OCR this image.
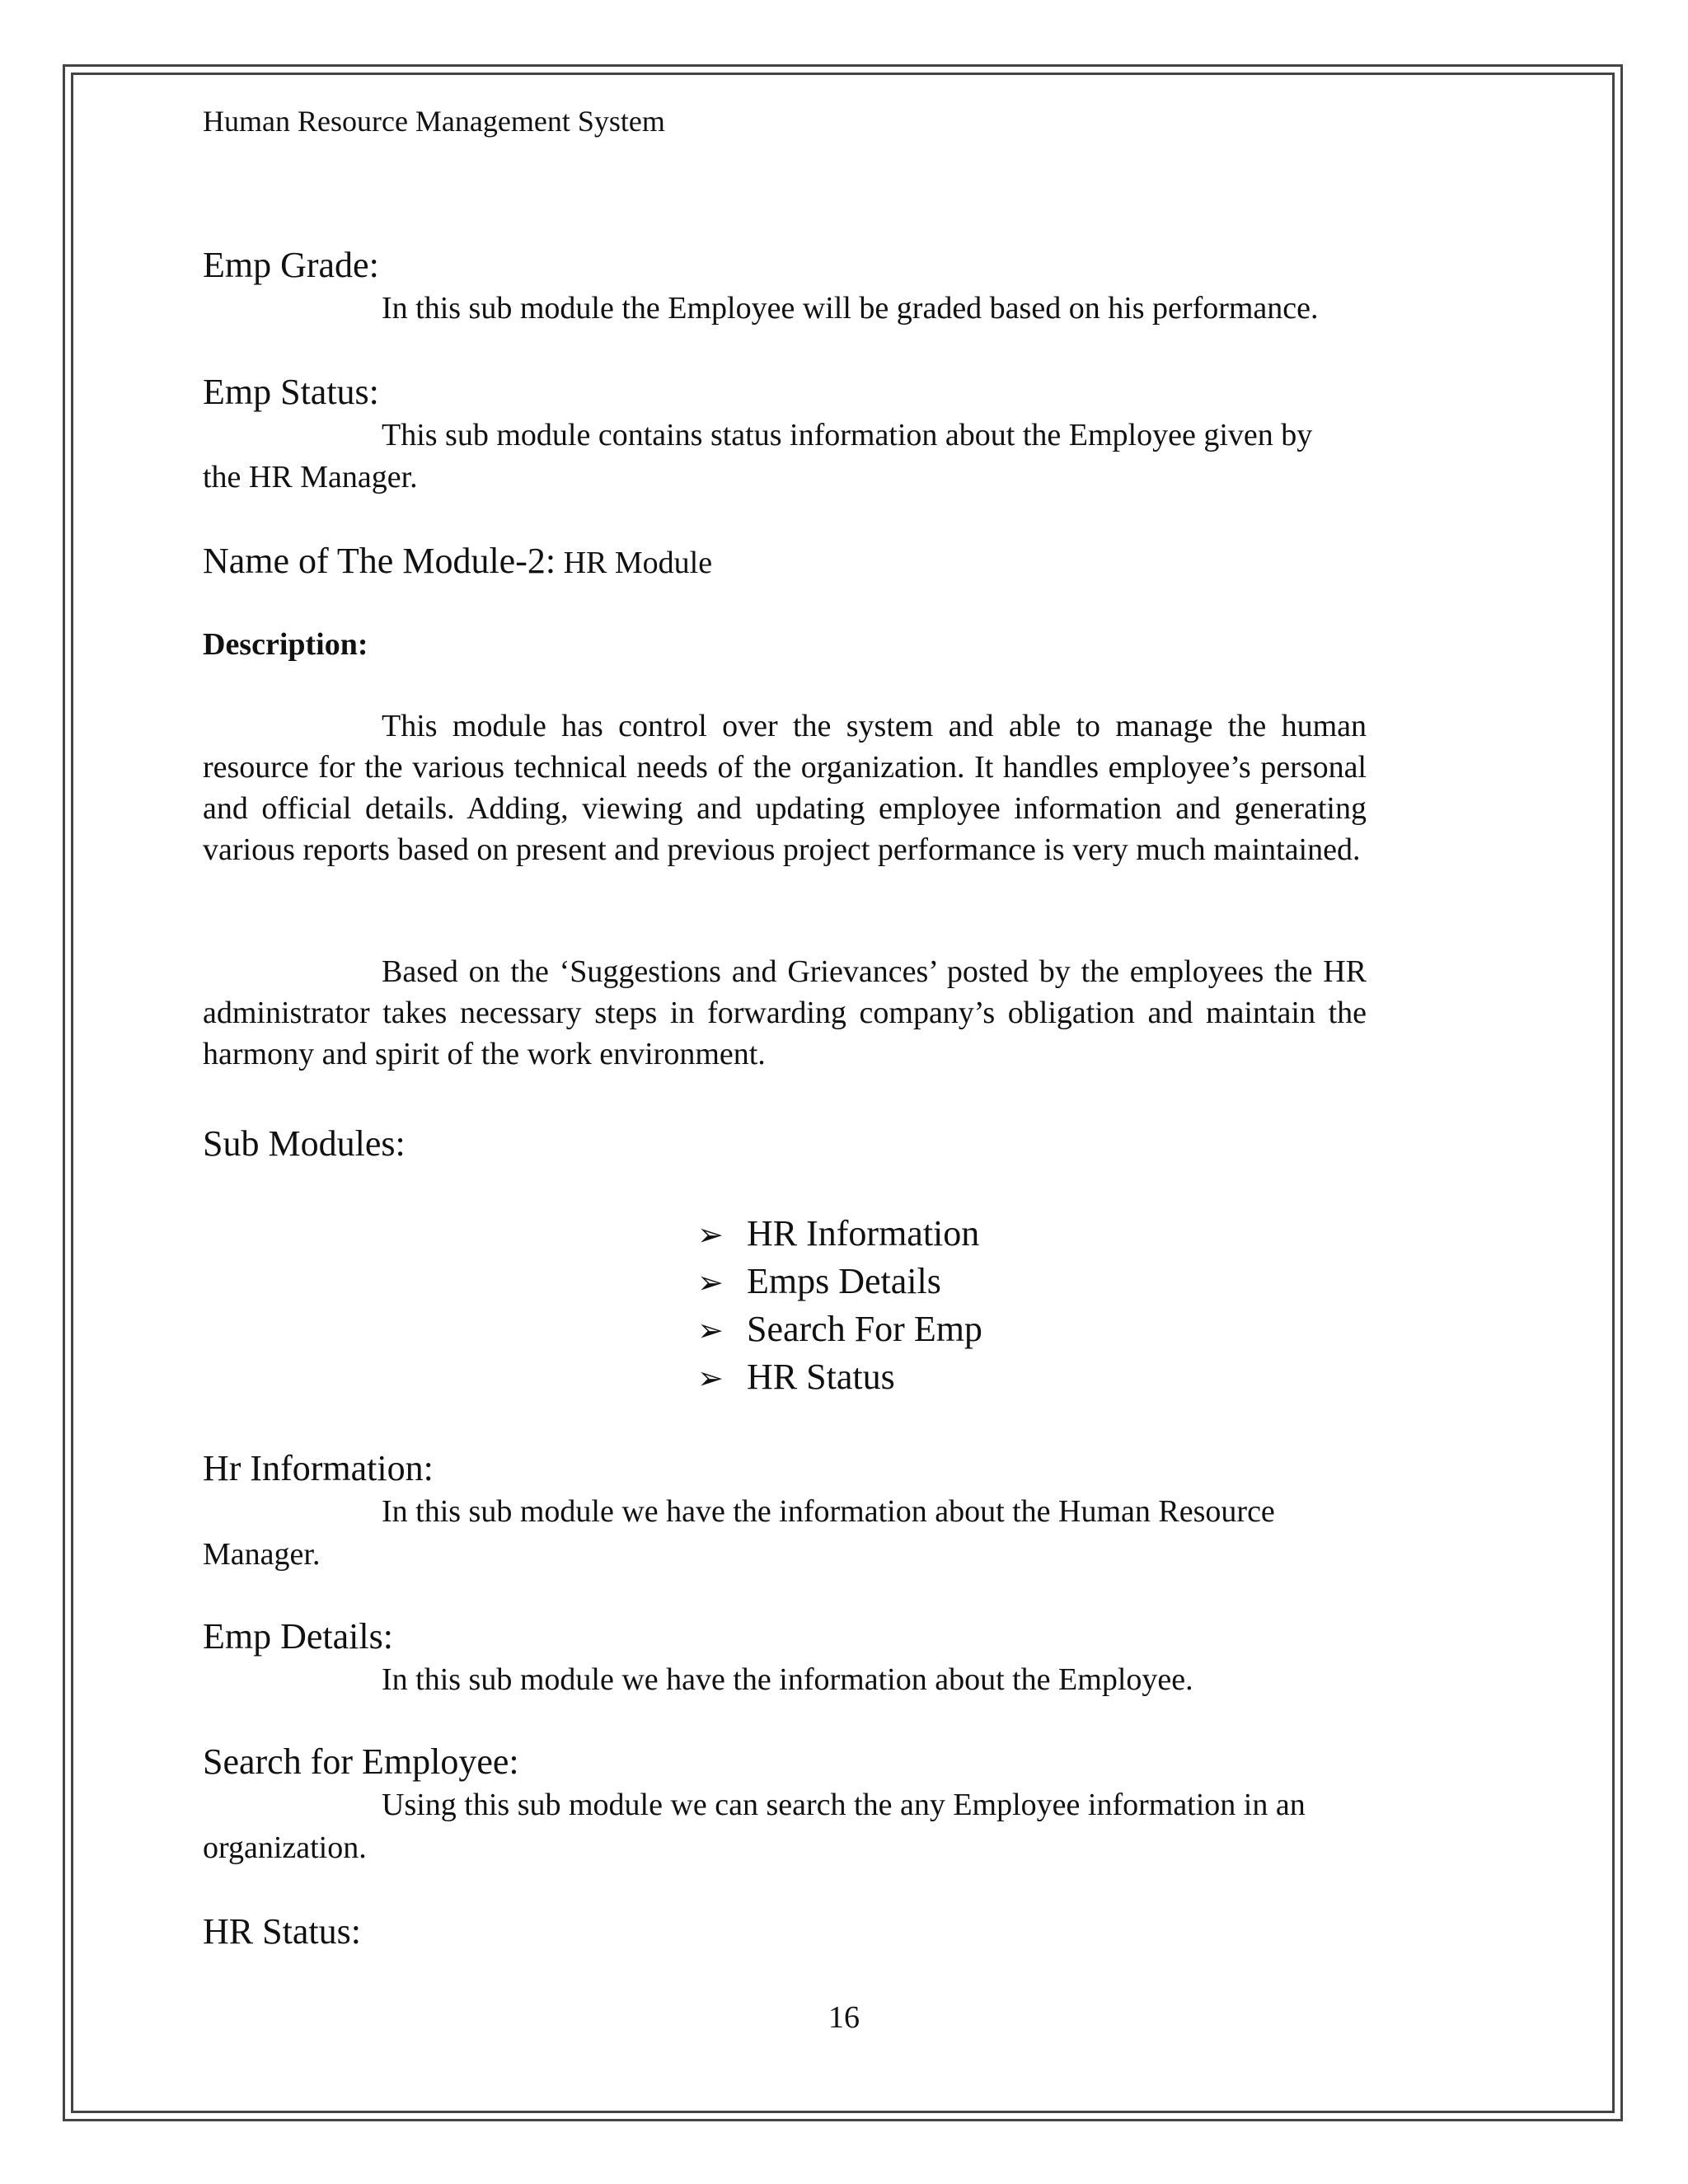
Human Resource Management System
Emp Grade:
In this sub module the Employee will be graded based on his performance.
Emp Status:
This sub module contains status information about the Employee given by
the HR Manager.
Name of The Module-2: HR Module
Description:

This module has control over the system and able to manage the human resource for the various technical needs of the organization. It handles employee’s personal and official details. Adding, viewing and updating employee information and generating various reports based on present and previous project performance is very much maintained.

Based on the ‘Suggestions and Grievances’ posted by the employees the HR administrator takes necessary steps in forwarding company’s obligation and maintain the harmony and spirit of the work environment.

Sub Modules:
➢ HR Information
➢ Emps Details
➢ Search For Emp
➢ HR Status
Hr Information:
In this sub module we have the information about the Human Resource
Manager.
Emp Details:
In this sub module we have the information about the Employee.
Search for Employee:
Using this sub module we can search the any Employee information in an
organization.
HR Status:
16
